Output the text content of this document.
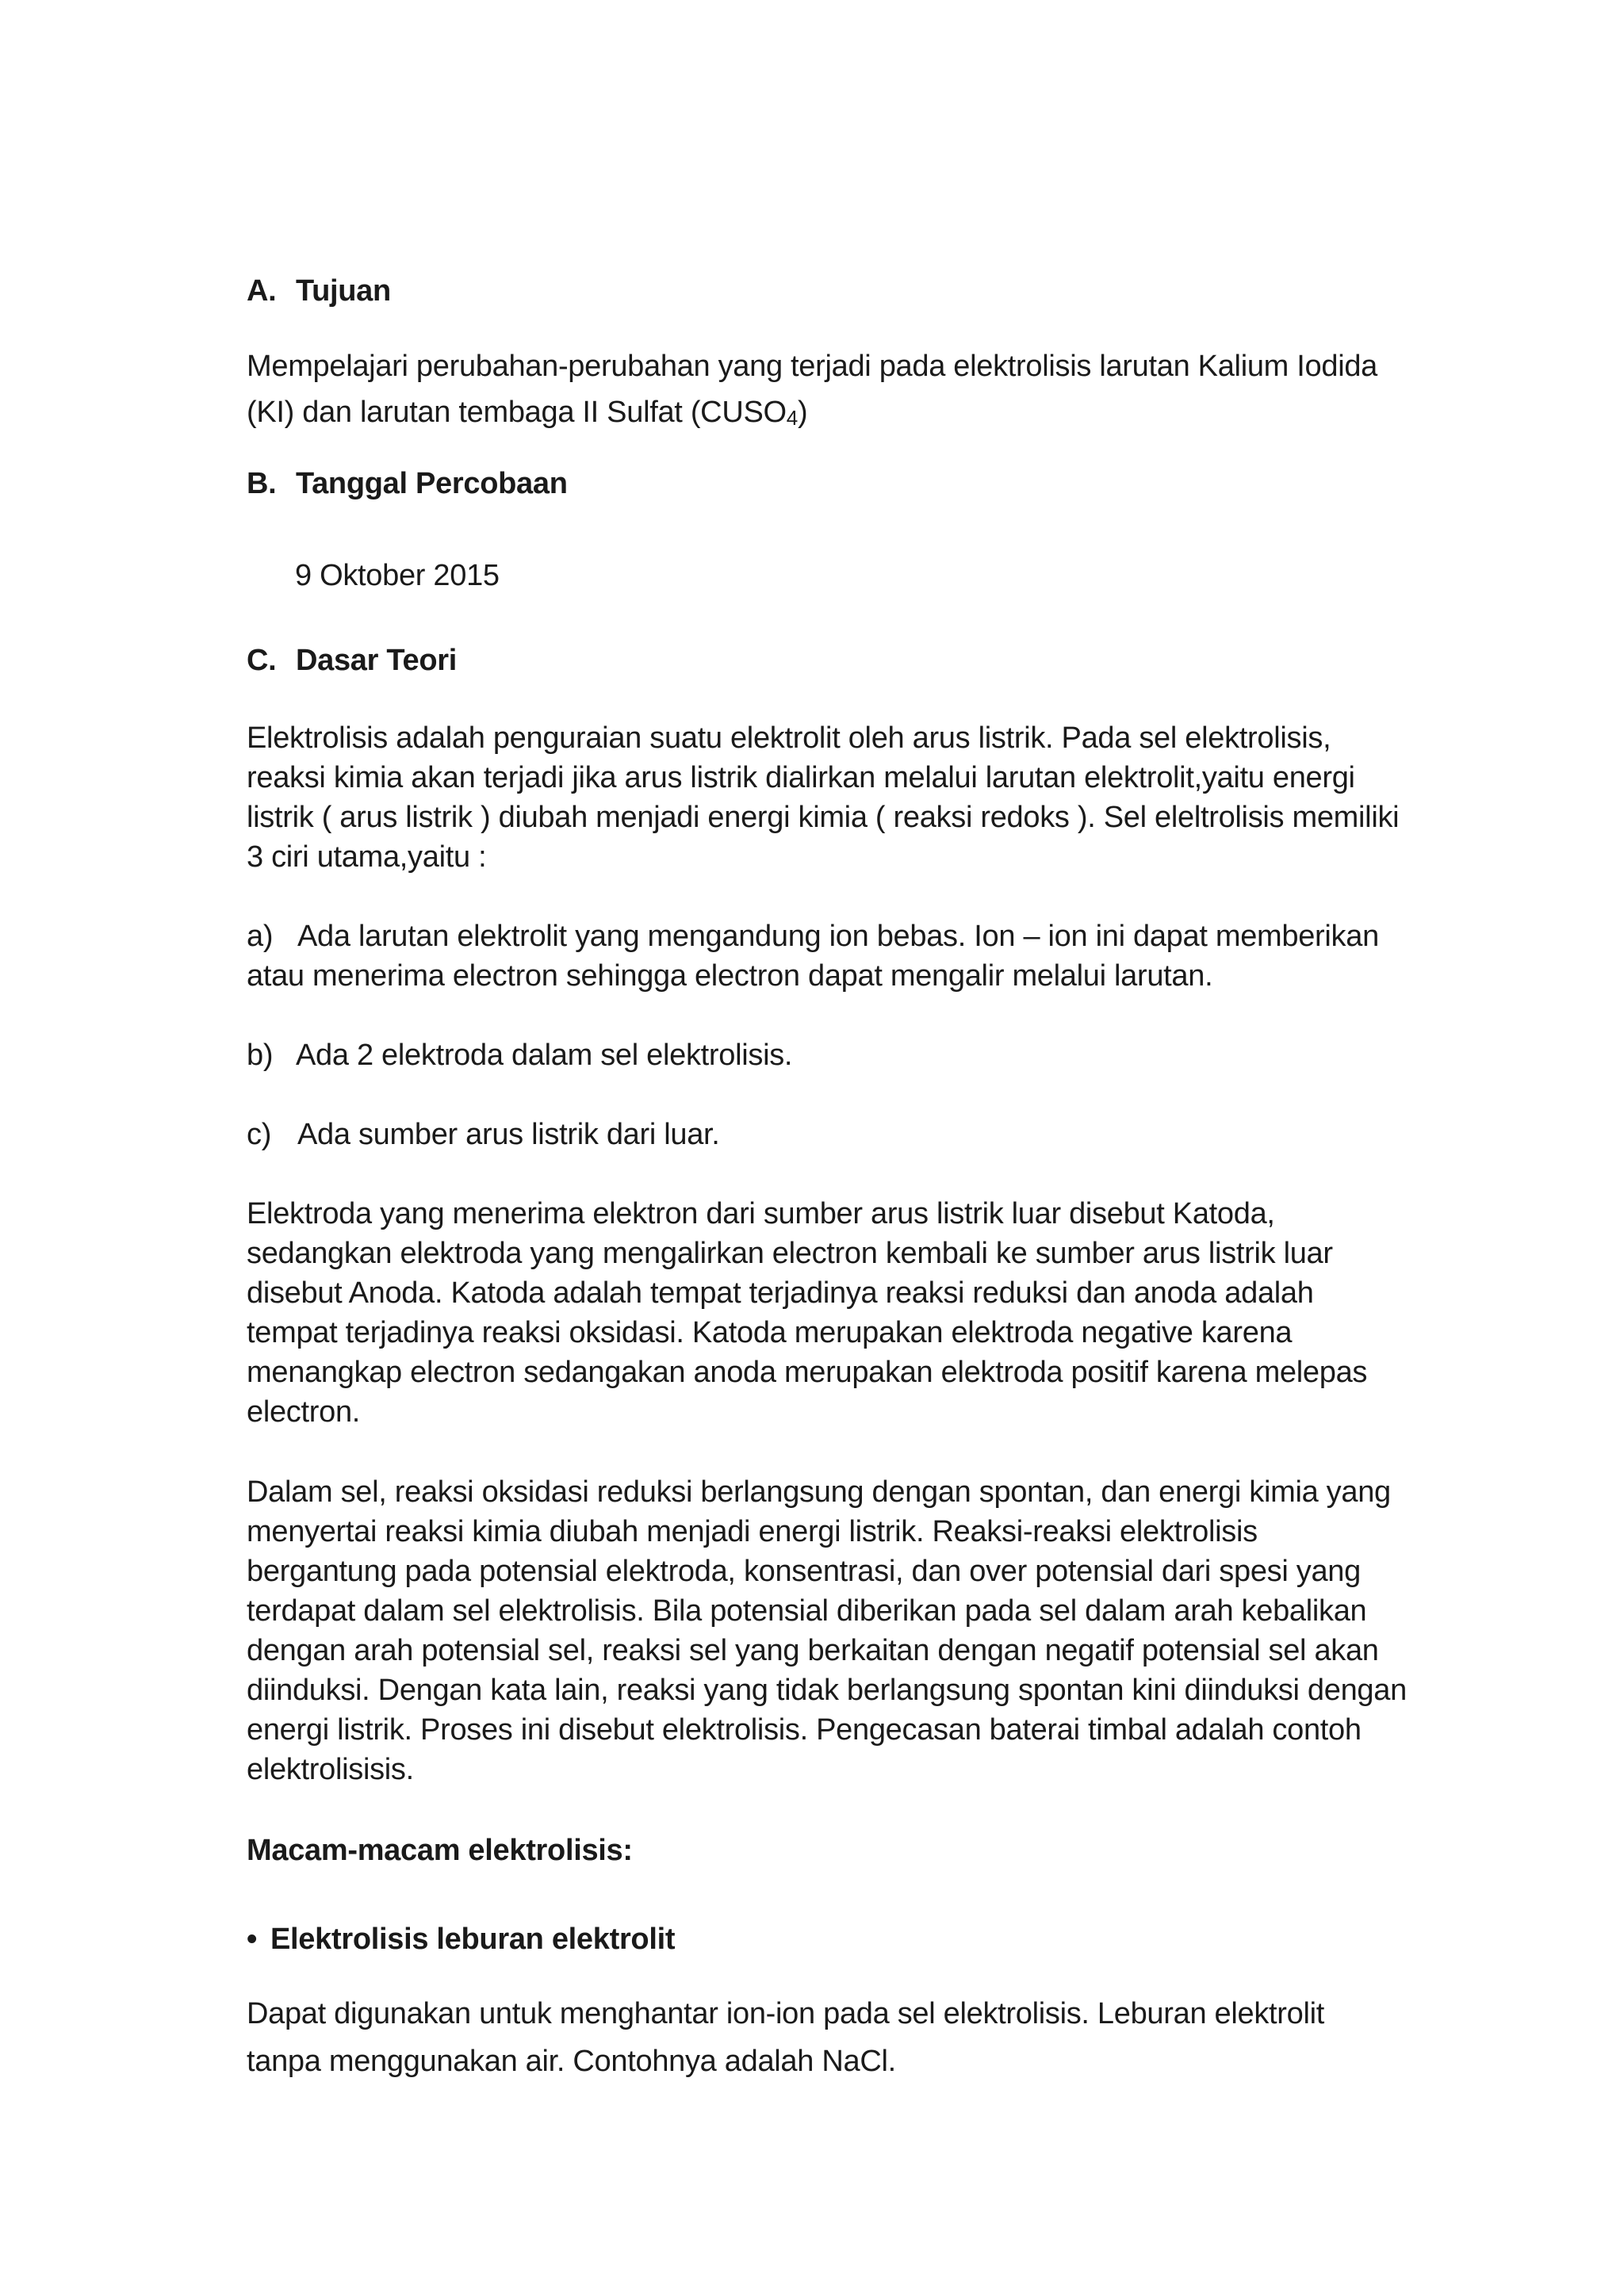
A. Tujuan
Mempelajari perubahan-perubahan yang terjadi pada elektrolisis larutan Kalium Iodida
(KI) dan larutan tembaga II Sulfat $(CUSO_4)$
B. Tanggal Percobaan
9 Oktober 2015
C. Dasar Teori
Elektrolisis adalah penguraian suatu elektrolit oleh arus listrik. Pada sel elektrolisis,
reaksi kimia akan terjadi jika arus listrik dialirkan melalui larutan elektrolit,yaitu energi
listrik ( arus listrik ) diubah menjadi energi kimia ( reaksi redoks ). Sel eleltrolisis memiliki
3 ciri utama,yaitu :
a) Ada larutan elektrolit yang mengandung ion bebas. Ion – ion ini dapat memberikan
atau menerima electron sehingga electron dapat mengalir melalui larutan.
b) Ada 2 elektroda dalam sel elektrolisis.
c) Ada sumber arus listrik dari luar.
Elektroda yang menerima elektron dari sumber arus listrik luar disebut Katoda,
sedangkan elektroda yang mengalirkan electron kembali ke sumber arus listrik luar
disebut Anoda. Katoda adalah tempat terjadinya reaksi reduksi dan anoda adalah
tempat terjadinya reaksi oksidasi. Katoda merupakan elektroda negative karena
menangkap electron sedangakan anoda merupakan elektroda positif karena melepas
electron.
Dalam sel, reaksi oksidasi reduksi berlangsung dengan spontan, dan energi kimia yang
menyertai reaksi kimia diubah menjadi energi listrik. Reaksi-reaksi elektrolisis
bergantung pada potensial elektroda, konsentrasi, dan over potensial dari spesi yang
terdapat dalam sel elektrolisis. Bila potensial diberikan pada sel dalam arah kebalikan
dengan arah potensial sel, reaksi sel yang berkaitan dengan negatif potensial sel akan
diinduksi. Dengan kata lain, reaksi yang tidak berlangsung spontan kini diinduksi dengan
energi listrik. Proses ini disebut elektrolisis. Pengecasan baterai timbal adalah contoh
elektrolisisis.
Macam-macam elektrolisis:
• Elektrolisis leburan elektrolit
Dapat digunakan untuk menghantar ion-ion pada sel elektrolisis. Leburan elektrolit
tanpa menggunakan air. Contohnya adalah NaCl.
